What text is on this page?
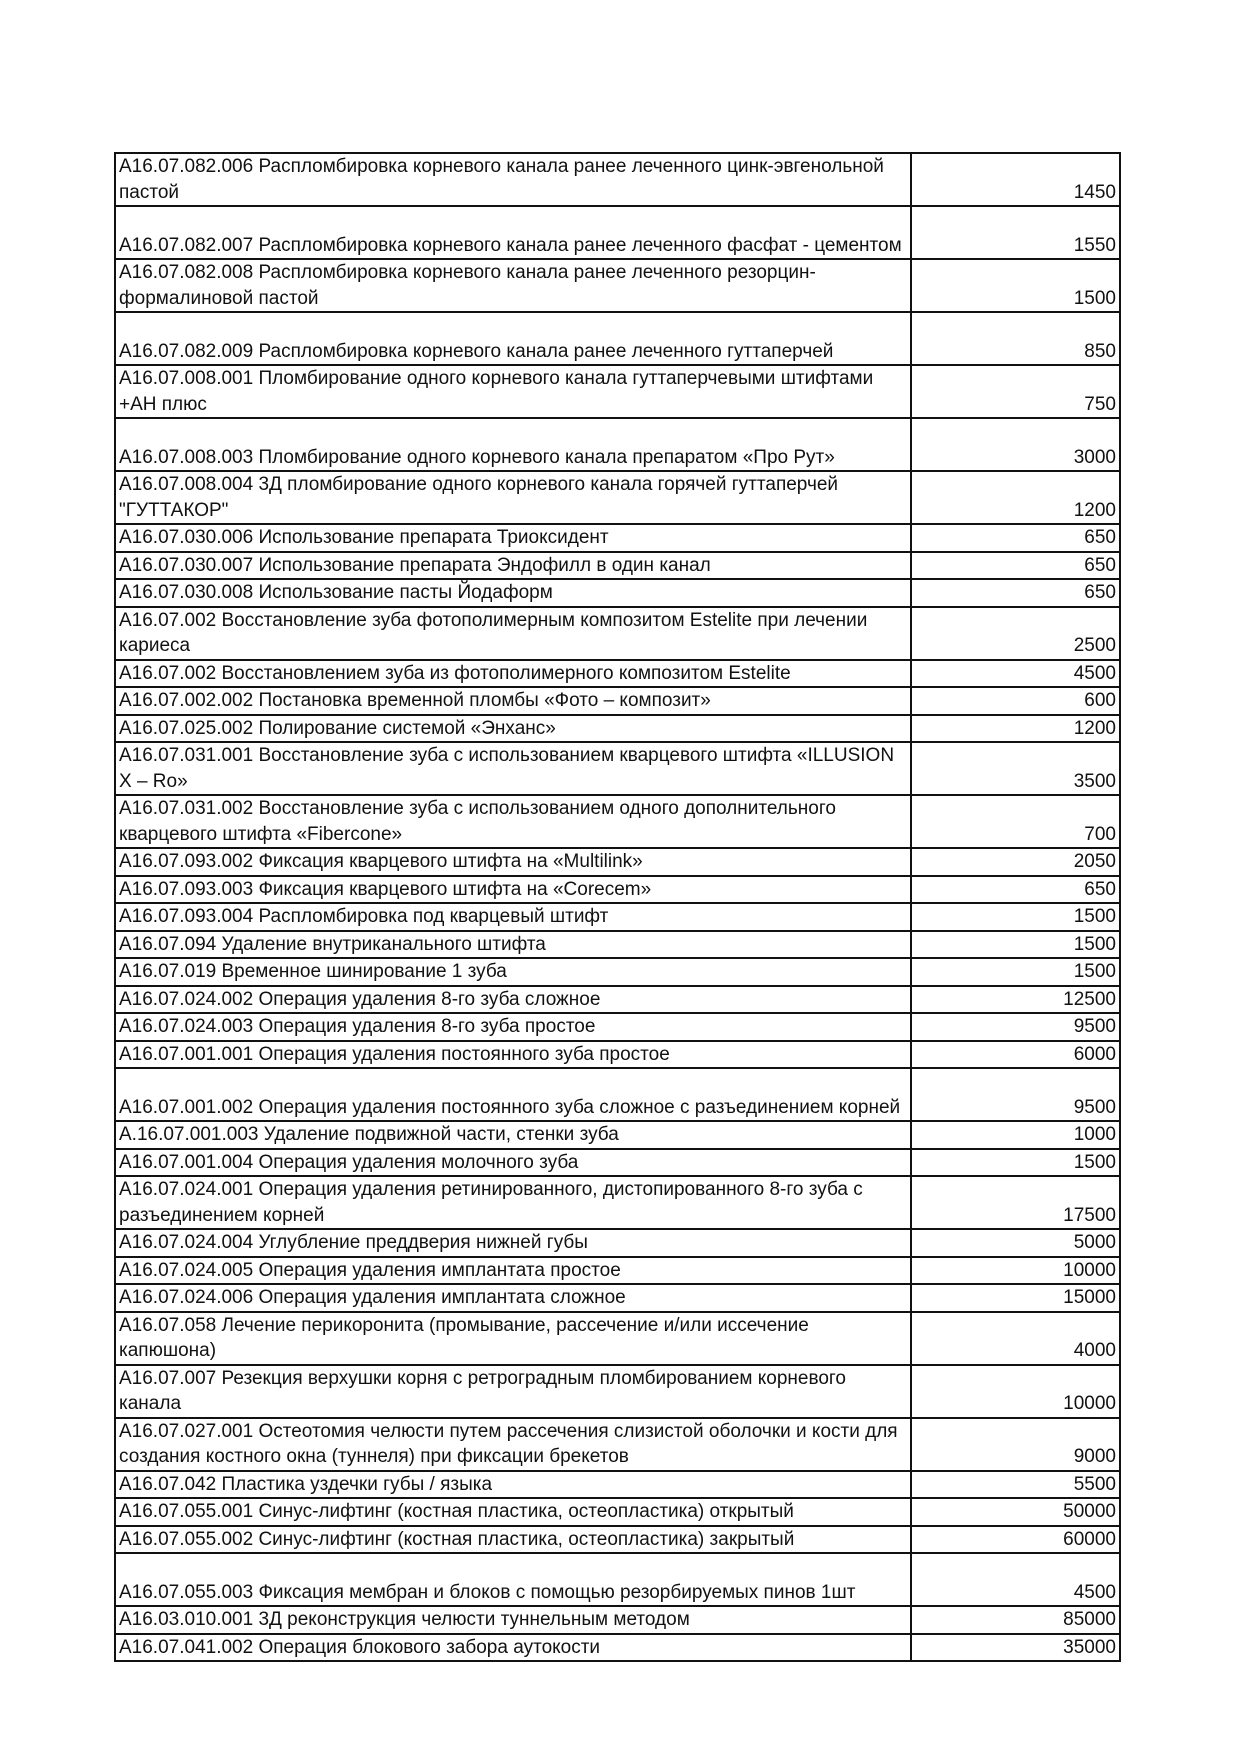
А16.07.082.006 Распломбировка корневого канала ранее леченного цинк-эвгенольной пастой	1450
А16.07.082.007 Распломбировка корневого канала ранее леченного фасфат - цементом	1550
А16.07.082.008 Распломбировка корневого канала ранее леченного резорцин-формалиновой пастой	1500
А16.07.082.009 Распломбировка корневого канала ранее леченного гуттаперчей	850
А16.07.008.001 Пломбирование одного корневого канала гуттаперчевыми штифтами +АН плюс	750
А16.07.008.003 Пломбирование одного корневого канала препаратом «Про Рут»	3000
А16.07.008.004 3Д пломбирование одного корневого канала горячей гуттаперчей "ГУТТАКОР"	1200
А16.07.030.006 Использование препарата Триоксидент	650
А16.07.030.007 Использование препарата Эндофилл в один канал	650
А16.07.030.008 Использование пасты Йодаформ	650
А16.07.002 Восстановление зуба фотополимерным композитом Estelite при лечении кариеса	2500
А16.07.002 Восстановлением зуба из фотополимерного композитом Estelite	4500
А16.07.002.002 Постановка временной пломбы «Фото – композит»	600
А16.07.025.002 Полирование системой «Энханс»	1200
А16.07.031.001 Восстановление зуба с использованием кварцевого штифта «ILLUSION X – Ro»	3500
А16.07.031.002 Восстановление зуба с использованием одного дополнительного кварцевого штифта «Fibercone»	700
А16.07.093.002 Фиксация кварцевого штифта на «Multilink»	2050
А16.07.093.003 Фиксация кварцевого штифта на «Corecem»	650
А16.07.093.004 Распломбировка под кварцевый штифт	1500
А16.07.094 Удаление внутриканального штифта	1500
А16.07.019 Временное шинирование 1 зуба	1500
А16.07.024.002 Операция удаления 8-го зуба сложное	12500
А16.07.024.003 Операция удаления 8-го зуба простое	9500
А16.07.001.001 Операция удаления постоянного зуба простое	6000
А16.07.001.002 Операция удаления постоянного зуба сложное с разъединением корней	9500
А.16.07.001.003 Удаление подвижной части, стенки зуба	1000
А16.07.001.004 Операция удаления молочного зуба	1500
А16.07.024.001 Операция удаления ретинированного, дистопированного 8-го зуба с разъединением корней	17500
А16.07.024.004 Углубление преддверия нижней губы	5000
А16.07.024.005 Операция удаления имплантата простое	10000
А16.07.024.006 Операция удаления имплантата сложное	15000
А16.07.058 Лечение перикоронита (промывание, рассечение и/или иссечение капюшона)	4000
А16.07.007 Резекция верхушки корня с ретроградным пломбированием корневого канала	10000
А16.07.027.001 Остеотомия челюсти путем рассечения слизистой оболочки и кости для создания костного окна (туннеля) при фиксации брекетов	9000
А16.07.042 Пластика уздечки губы / языка	5500
А16.07.055.001 Синус-лифтинг (костная пластика, остеопластика) открытый	50000
А16.07.055.002 Синус-лифтинг (костная пластика, остеопластика) закрытый	60000
А16.07.055.003 Фиксация мембран и блоков с помощью резорбируемых пинов 1шт	4500
А16.03.010.001 3Д реконструкция челюсти туннельным методом	85000
А16.07.041.002 Операция блокового забора аутокости	35000
